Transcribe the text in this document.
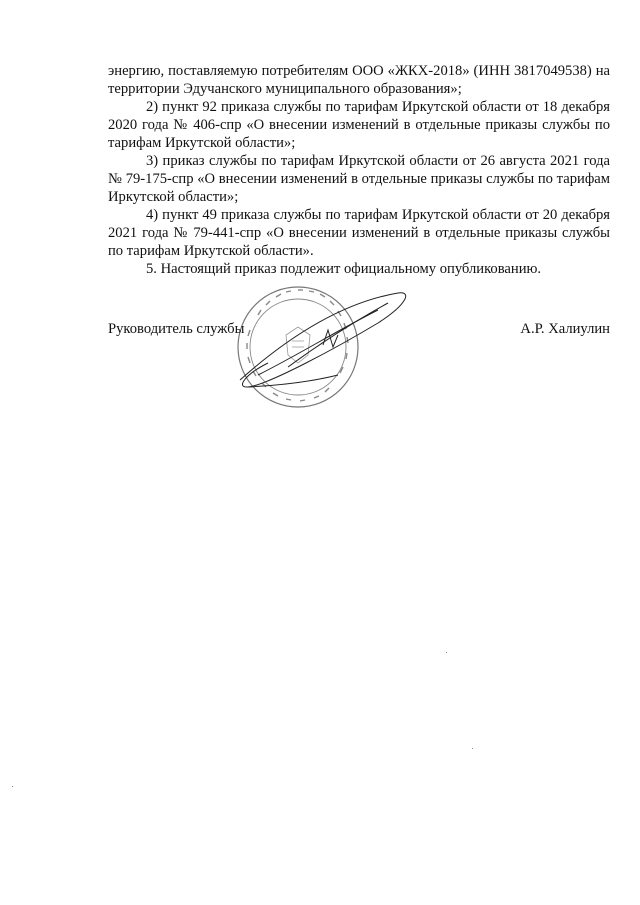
энергию, поставляемую потребителям ООО «ЖКХ-2018» (ИНН 3817049538) на территории Эдучанского муниципального образования»;

2) пункт 92 приказа службы по тарифам Иркутской области от 18 декабря 2020 года № 406-спр «О внесении изменений в отдельные приказы службы по тарифам Иркутской области»;

3) приказ службы по тарифам Иркутской области от 26 августа 2021 года № 79-175-спр «О внесении изменений в отдельные приказы службы по тарифам Иркутской области»;

4) пункт 49 приказа службы по тарифам Иркутской области от 20 декабря 2021 года № 79-441-спр «О внесении изменений в отдельные приказы службы по тарифам Иркутской области».

5. Настоящий приказ подлежит официальному опубликованию.

Руководитель службы	А.Р. Халиулин
